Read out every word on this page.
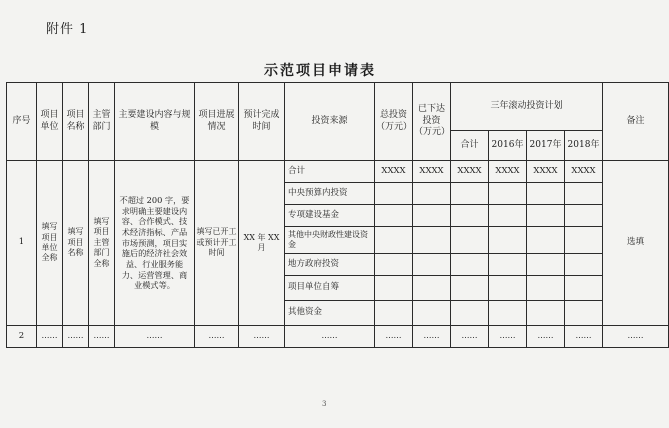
附件 1
示范项目申请表
序号	项目单位	项目名称	主管部门	主要建设内容与规模	项目进展情况	预计完成时间	投资来源	总投资（万元）	已下达投资（万元）	三年滚动投资计划				备注
										合计	2016年	2017年	2018年	
1	填写项目单位全称	填写项目名称	填写项目主管部门全称	不超过 200 字，要求明确主要建设内容、合作模式、技术经济指标、产品市场预测，项目实施后的经济社会效益、行业服务能力、运营管理、商业模式等。	填写已开工或预计开工时间	XX 年 XX 月	合计	XXXX	XXXX	XXXX	XXXX	XXXX	XXXX	选填
							中央预算内投资							
							专项建设基金							
							其他中央财政性建设资金							
							地方政府投资							
							项目单位自筹							
							其他资金							
2	……	……	……	……	……	……	……	……	……	……	……	……	……	……
3
